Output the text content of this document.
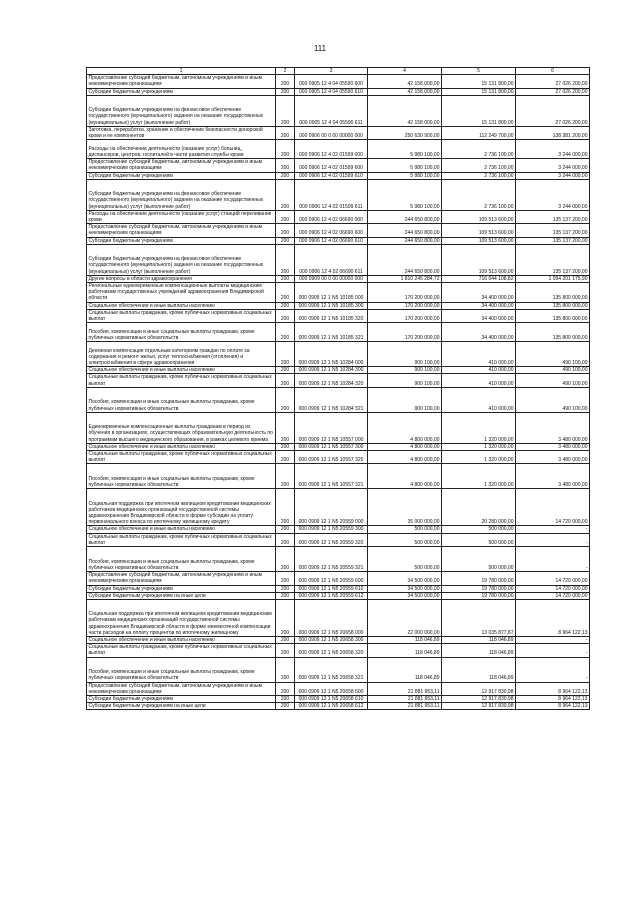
111
1	2	3	4	5	6
Предоставление субсидий бюджетным, автономным учреждениям и иным некоммерческим организациям	200	000 0905 12 4 04 05590 600	42 158 000,00	15 131 800,00	27 026 200,00
Субсидии бюджетным учреждениям	200	000 0905 12 4 04 05590 610	42 158 000,00	15 131 800,00	27 026 200,00
Субсидии бюджетным учреждениям на финансовое обеспечение государственного (муниципального) задания на оказание государственных (муниципальных) услуг (выполнение работ)	200	000 0905 12 4 04 05590 611	42 158 000,00	15 131 800,00	27 026 200,00
Заготовка, переработка, хранение и обеспечение безопасности донорской крови и ее компонентов	200	000 0906 00 0 00 00000 000	250 630 900,00	112 249 700,00	138 381 200,00
Расходы на обеспечение деятельности (оказание услуг) больниц, диспансеров, центров, госпиталей в части развития службы крови	200	000 0906 12 4 02 01599 000	5 980 100,00	2 736 100,00	3 244 000,00
Предоставление субсидий бюджетным, автономным учреждениям и иным некоммерческим организациям	200	000 0906 12 4 02 01599 600	5 980 100,00	2 736 100,00	3 244 000,00
Субсидии бюджетным учреждениям	200	000 0906 12 4 02 01599 610	5 980 100,00	2 736 100,00	3 244 000,00
Субсидии бюджетным учреждениям на финансовое обеспечение государственного (муниципального) задания на оказание государственных (муниципальных) услуг (выполнение работ)	200	000 0906 12 4 02 01599 611	5 980 100,00	2 736 100,00	3 244 000,00
Расходы на обеспечение деятельности (оказание услуг) станций переливания крови	200	000 0906 12 4 02 06690 000	244 650 800,00	109 513 600,00	135 137 200,00
Предоставление субсидий бюджетным, автономным учреждениям и иным некоммерческим организациям	200	000 0906 12 4 02 06690 600	244 650 800,00	109 513 600,00	135 137 200,00
Субсидии бюджетным учреждениям	200	000 0906 12 4 02 06690 610	244 650 800,00	109 513 600,00	135 137 200,00
Субсидии бюджетным учреждениям на финансовое обеспечение государственного (муниципального) задания на оказание государственных (муниципальных) услуг (выполнение работ)	200	000 0906 12 4 02 06690 611	244 650 800,00	109 513 600,00	135 137 200,00
Другие вопросы в области здравоохранения	200	000 0909 00 0 00 00000 000	1 810 245 284,72	716 044 108,82	1 094 201 175,90
Региональные единовременные компенсационные выплаты медицинским работникам государственных учреждений здравоохранения Владимирской области	200	000 0909 12 1 N5 10185 000	170 200 000,00	34 400 000,00	135 800 000,00
Социальное обеспечение и иные выплаты населению	200	000 0909 12 1 N5 10185 300	170 200 000,00	34 400 000,00	135 800 000,00
Социальные выплаты гражданам, кроме публичных нормативных социальных выплат	200	000 0909 12 1 N5 10185 320	170 200 000,00	34 400 000,00	135 800 000,00
Пособия, компенсации и иные социальные выплаты гражданам, кроме публичных нормативных обязательств	200	000 0909 12 1 N5 10185 321	170 200 000,00	34 400 000,00	135 800 000,00
Денежная компенсация отдельным категориям граждан по оплате за содержание и ремонт жилья, услуг теплоснабжения (отопления) и электроснабжения в сфере здравоохранения	200	000 0909 12 1 N5 10284 000	900 100,00	410 000,00	490 100,00
Социальное обеспечение и иные выплаты населению	200	000 0909 12 1 N5 10284 300	900 100,00	410 000,00	490 100,00
Социальные выплаты гражданам, кроме публичных нормативных социальных выплат	200	000 0909 12 1 N5 10284 320	900 100,00	410 000,00	490 100,00
Пособия, компенсации и иные социальные выплаты гражданам, кроме публичных нормативных обязательств	200	000 0909 12 1 N5 10284 321	900 100,00	410 000,00	490 100,00
Единовременные компенсационные выплаты гражданам в период их обучения в организациях, осуществляющих образовательную деятельность по программам высшего медицинского образования, в рамках целевого приема	200	000 0909 12 1 N5 10557 000	4 800 000,00	1 320 000,00	3 480 000,00
Социальное обеспечение и иные выплаты населению	200	000 0909 12 1 N5 10557 300	4 800 000,00	1 320 000,00	3 480 000,00
Социальные выплаты гражданам, кроме публичных нормативных социальных выплат	200	000 0909 12 1 N5 10557 320	4 800 000,00	1 320 000,00	3 480 000,00
Пособия, компенсации и иные социальные выплаты гражданам, кроме публичных нормативных обязательств	200	000 0909 12 1 N5 10557 321	4 800 000,00	1 320 000,00	3 480 000,00
Социальная поддержка при ипотечном жилищном кредитовании медицинских работников медицинских организаций государственной системы здравоохранения Владимирской области в форме субсидии на уплату первоначального взноса по ипотечному жилищному кредиту	200	000 0909 12 1 N5 20559 000	35 000 000,00	20 280 000,00	14 720 000,00
Социальное обеспечение и иные выплаты населению	200	000 0909 12 1 N5 20559 300	500 000,00	500 000,00	-
Социальные выплаты гражданам, кроме публичных нормативных социальных выплат	200	000 0909 12 1 N5 20559 320	500 000,00	500 000,00	-
Пособия, компенсации и иные социальные выплаты гражданам, кроме публичных нормативных обязательств	200	000 0909 12 1 N5 20559 321	500 000,00	500 000,00	-
Предоставление субсидий бюджетным, автономным учреждениям и иным некоммерческим организациям	200	000 0909 12 1 N5 20559 600	34 500 000,00	19 780 000,00	14 720 000,00
Субсидии бюджетным учреждениям	200	000 0909 12 1 N5 20559 610	34 500 000,00	19 780 000,00	14 720 000,00
Субсидии бюджетным учреждениям на иные цели	200	000 0909 12 1 N5 20559 612	34 500 000,00	19 780 000,00	14 720 000,00
Социальная поддержка при ипотечном жилищном кредитовании медицинским работникам медицинских организаций государственной системы здравоохранения Владимирской области в форме ежемесячной компенсации части расходов на оплату процентов по ипотечному жилищному	200	000 0909 12 1 N5 20658 000	22 000 000,00	13 035 877,87	8 964 122,13
Социальное обеспечение и иные выплаты населению	200	000 0909 12 1 N5 20658 300	118 046,89	118 046,89	-
Социальные выплаты гражданам, кроме публичных нормативных социальных выплат	200	000 0909 12 1 N5 20658 320	118 046,89	118 046,89	-
Пособия, компенсации и иные социальные выплаты гражданам, кроме публичных нормативных обязательств	200	000 0909 12 1 N5 20658 321	118 046,89	118 046,89	-
Предоставление субсидий бюджетным, автономным учреждениям и иным некоммерческим организациям	200	000 0909 12 1 N5 20658 600	21 881 953,11	12 917 830,98	8 964 122,13
Субсидии бюджетным учреждениям	200	000 0909 12 1 N5 20658 610	21 881 953,11	12 917 830,98	8 964 122,13
Субсидии бюджетным учреждениям на иные цели	200	000 0909 12 1 N5 20658 612	21 881 953,11	12 917 830,98	8 964 122,13
